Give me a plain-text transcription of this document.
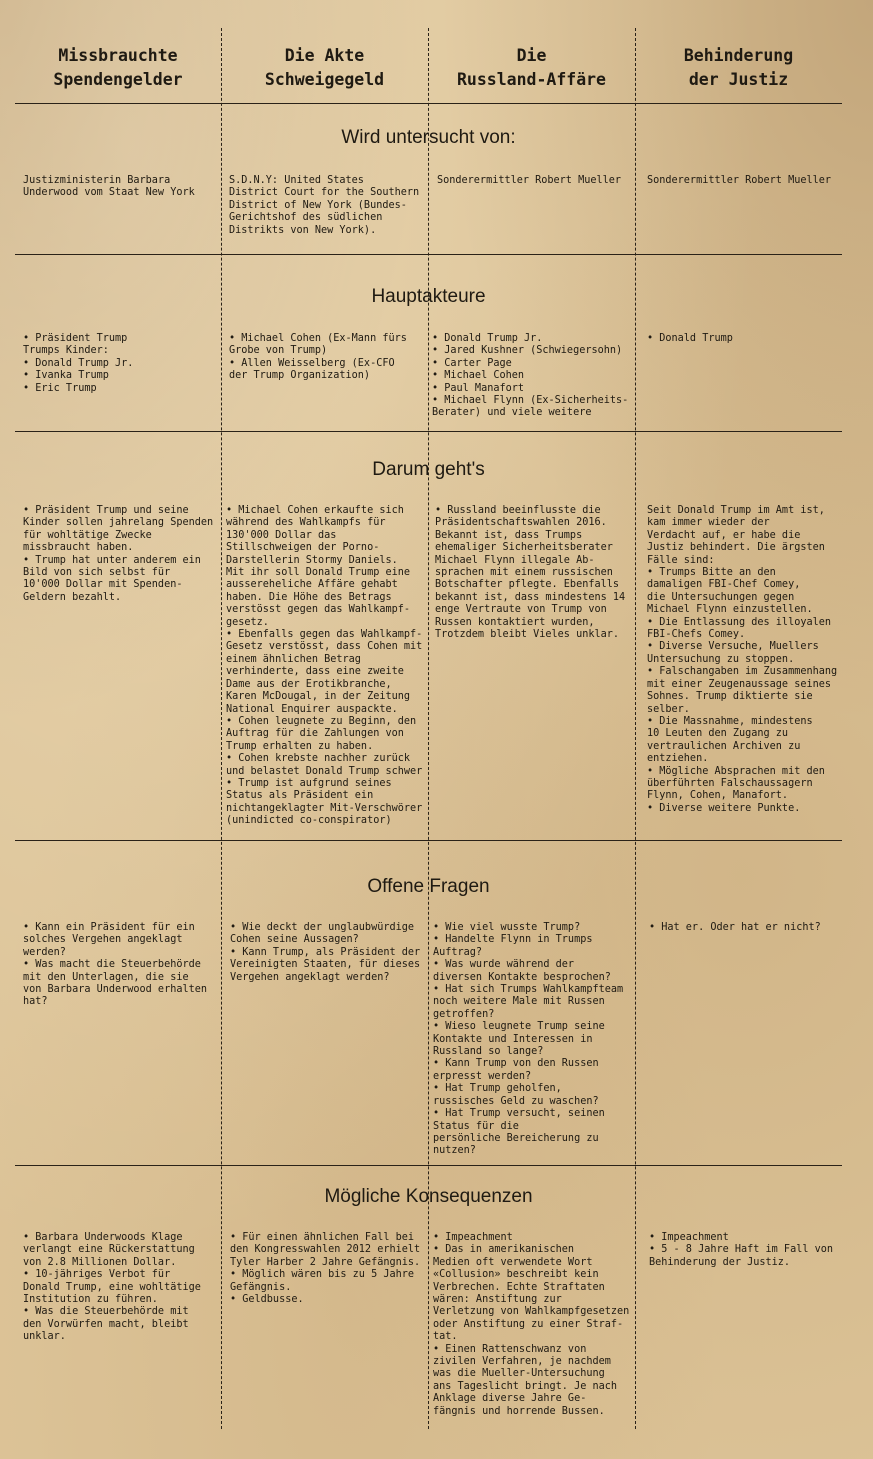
Missbrauchte
Spendengelder
Die Akte
Schweigegeld
Die
Russland-Affäre
Behinderung
der Justiz
Wird untersucht von:
Justizministerin Barbara
Underwood vom Staat New York
S.D.N.Y: United States
District Court for the Southern
District of New York (Bundes-
Gerichtshof des südlichen
Distrikts von New York).
Sonderermittler Robert Mueller	Sonderermittler Robert Mueller
Hauptakteure
• Präsident Trump
Trumps Kinder:
• Donald Trump Jr.
• Ivanka Trump
• Eric Trump
• Michael Cohen (Ex-Mann fürs
Grobe von Trump)
• Allen Weisselberg (Ex-CFO
der Trump Organization)
• Donald Trump Jr.
• Jared Kushner (Schwiegersohn)
• Carter Page
• Michael Cohen
• Paul Manafort
• Michael Flynn (Ex-Sicherheits-
Berater) und viele weitere
• Donald Trump
Darum geht's
• Präsident Trump und seine
Kinder sollen jahrelang Spenden
für wohltätige Zwecke
missbraucht haben.
• Trump hat unter anderem ein
Bild von sich selbst für
10'000 Dollar mit Spenden-
Geldern bezahlt.
• Michael Cohen erkaufte sich
während des Wahlkampfs für
130'000 Dollar das
Stillschweigen der Porno-
Darstellerin Stormy Daniels.
Mit ihr soll Donald Trump eine
ausserehеliche Affäre gehabt
haben. Die Höhe des Betrags
verstösst gegen das Wahlkampf-
gesetz.
• Ebenfalls gegen das Wahlkampf-
Gesetz verstösst, dass Cohen mit
einem ähnlichen Betrag
verhinderte, dass eine zweite
Dame aus der Erotikbranche,
Karen McDougal, in der Zeitung
National Enquirer auspackte.
• Cohen leugnete zu Beginn, den
Auftrag für die Zahlungen von
Trump erhalten zu haben.
• Cohen krebste nachher zurück
und belastet Donald Trump schwer
• Trump ist aufgrund seines
Status als Präsident ein
nichtangeklagter Mit-Verschwörer
(unindicted co-conspirator)
• Russland beeinflusste die
Präsidentschaftswahlen 2016.
Bekannt ist, dass Trumps
ehemaliger Sicherheitsberater
Michael Flynn illegale Ab-
sprachen mit einem russischen
Botschafter pflegte. Ebenfalls
bekannt ist, dass mindestens 14
enge Vertraute von Trump von
Russen kontaktiert wurden,
Trotzdem bleibt Vieles unklar.
Seit Donald Trump im Amt ist,
kam immer wieder der
Verdacht auf, er habe die
Justiz behindert. Die ärgsten
Fälle sind:
• Trumps Bitte an den
damaligen FBI-Chef Comey,
die Untersuchungen gegen
Michael Flynn einzustellen.
• Die Entlassung des illoyalen
FBI-Chefs Comey.
• Diverse Versuche, Muellers
Untersuchung zu stoppen.
• Falschangaben im Zusammenhang
mit einer Zeugenaussage seines
Sohnes. Trump diktierte sie
selber.
• Die Massnahme, mindestens
10 Leuten den Zugang zu
vertraulichen Archiven zu
entziehen.
• Mögliche Absprachen mit den
überführten Falschaussagern
Flynn, Cohen, Manafort.
• Diverse weitere Punkte.
Offene Fragen
• Kann ein Präsident für ein
solches Vergehen angeklagt
werden?
• Was macht die Steuerbehörde
mit den Unterlagen, die sie
von Barbara Underwood erhalten
hat?
• Wie deckt der unglaubwürdige
Cohen seine Aussagen?
• Kann Trump, als Präsident der
Vereinigten Staaten, für dieses
Vergehen angeklagt werden?
• Wie viel wusste Trump?
• Handelte Flynn in Trumps
Auftrag?
• Was wurde während der
diversen Kontakte besprochen?
• Hat sich Trumps Wahlkampfteam
noch weitere Male mit Russen
getroffen?
• Wieso leugnete Trump seine
Kontakte und Interessen in
Russland so lange?
• Kann Trump von den Russen
erpresst werden?
• Hat Trump geholfen,
russisches Geld zu waschen?
• Hat Trump versucht, seinen
Status für die
persönliche Bereicherung zu
nutzen?
• Hat er. Oder hat er nicht?
Mögliche Konsequenzen
• Barbara Underwoods Klage
verlangt eine Rückerstattung
von 2.8 Millionen Dollar.
• 10-jähriges Verbot für
Donald Trump, eine wohltätige
Institution zu führen.
• Was die Steuerbehörde mit
den Vorwürfen macht, bleibt
unklar.
• Für einen ähnlichen Fall bei
den Kongresswahlen 2012 erhielt
Tyler Harber 2 Jahre Gefängnis.
• Möglich wären bis zu 5 Jahre
Gefängnis.
• Geldbusse.
• Impeachment
• Das in amerikanischen
Medien oft verwendete Wort
«Collusion» beschreibt kein
Verbrechen. Echte Straftaten
wären: Anstiftung zur
Verletzung von Wahlkampfgesetzen
oder Anstiftung zu einer Straf-
tat.
• Einen Rattenschwanz von
zivilen Verfahren, je nachdem
was die Mueller-Untersuchung
ans Tageslicht bringt. Je nach
Anklage diverse Jahre Ge-
fängnis und horrende Bussen.
• Impeachment
• 5 - 8 Jahre Haft im Fall von
Behinderung der Justiz.
